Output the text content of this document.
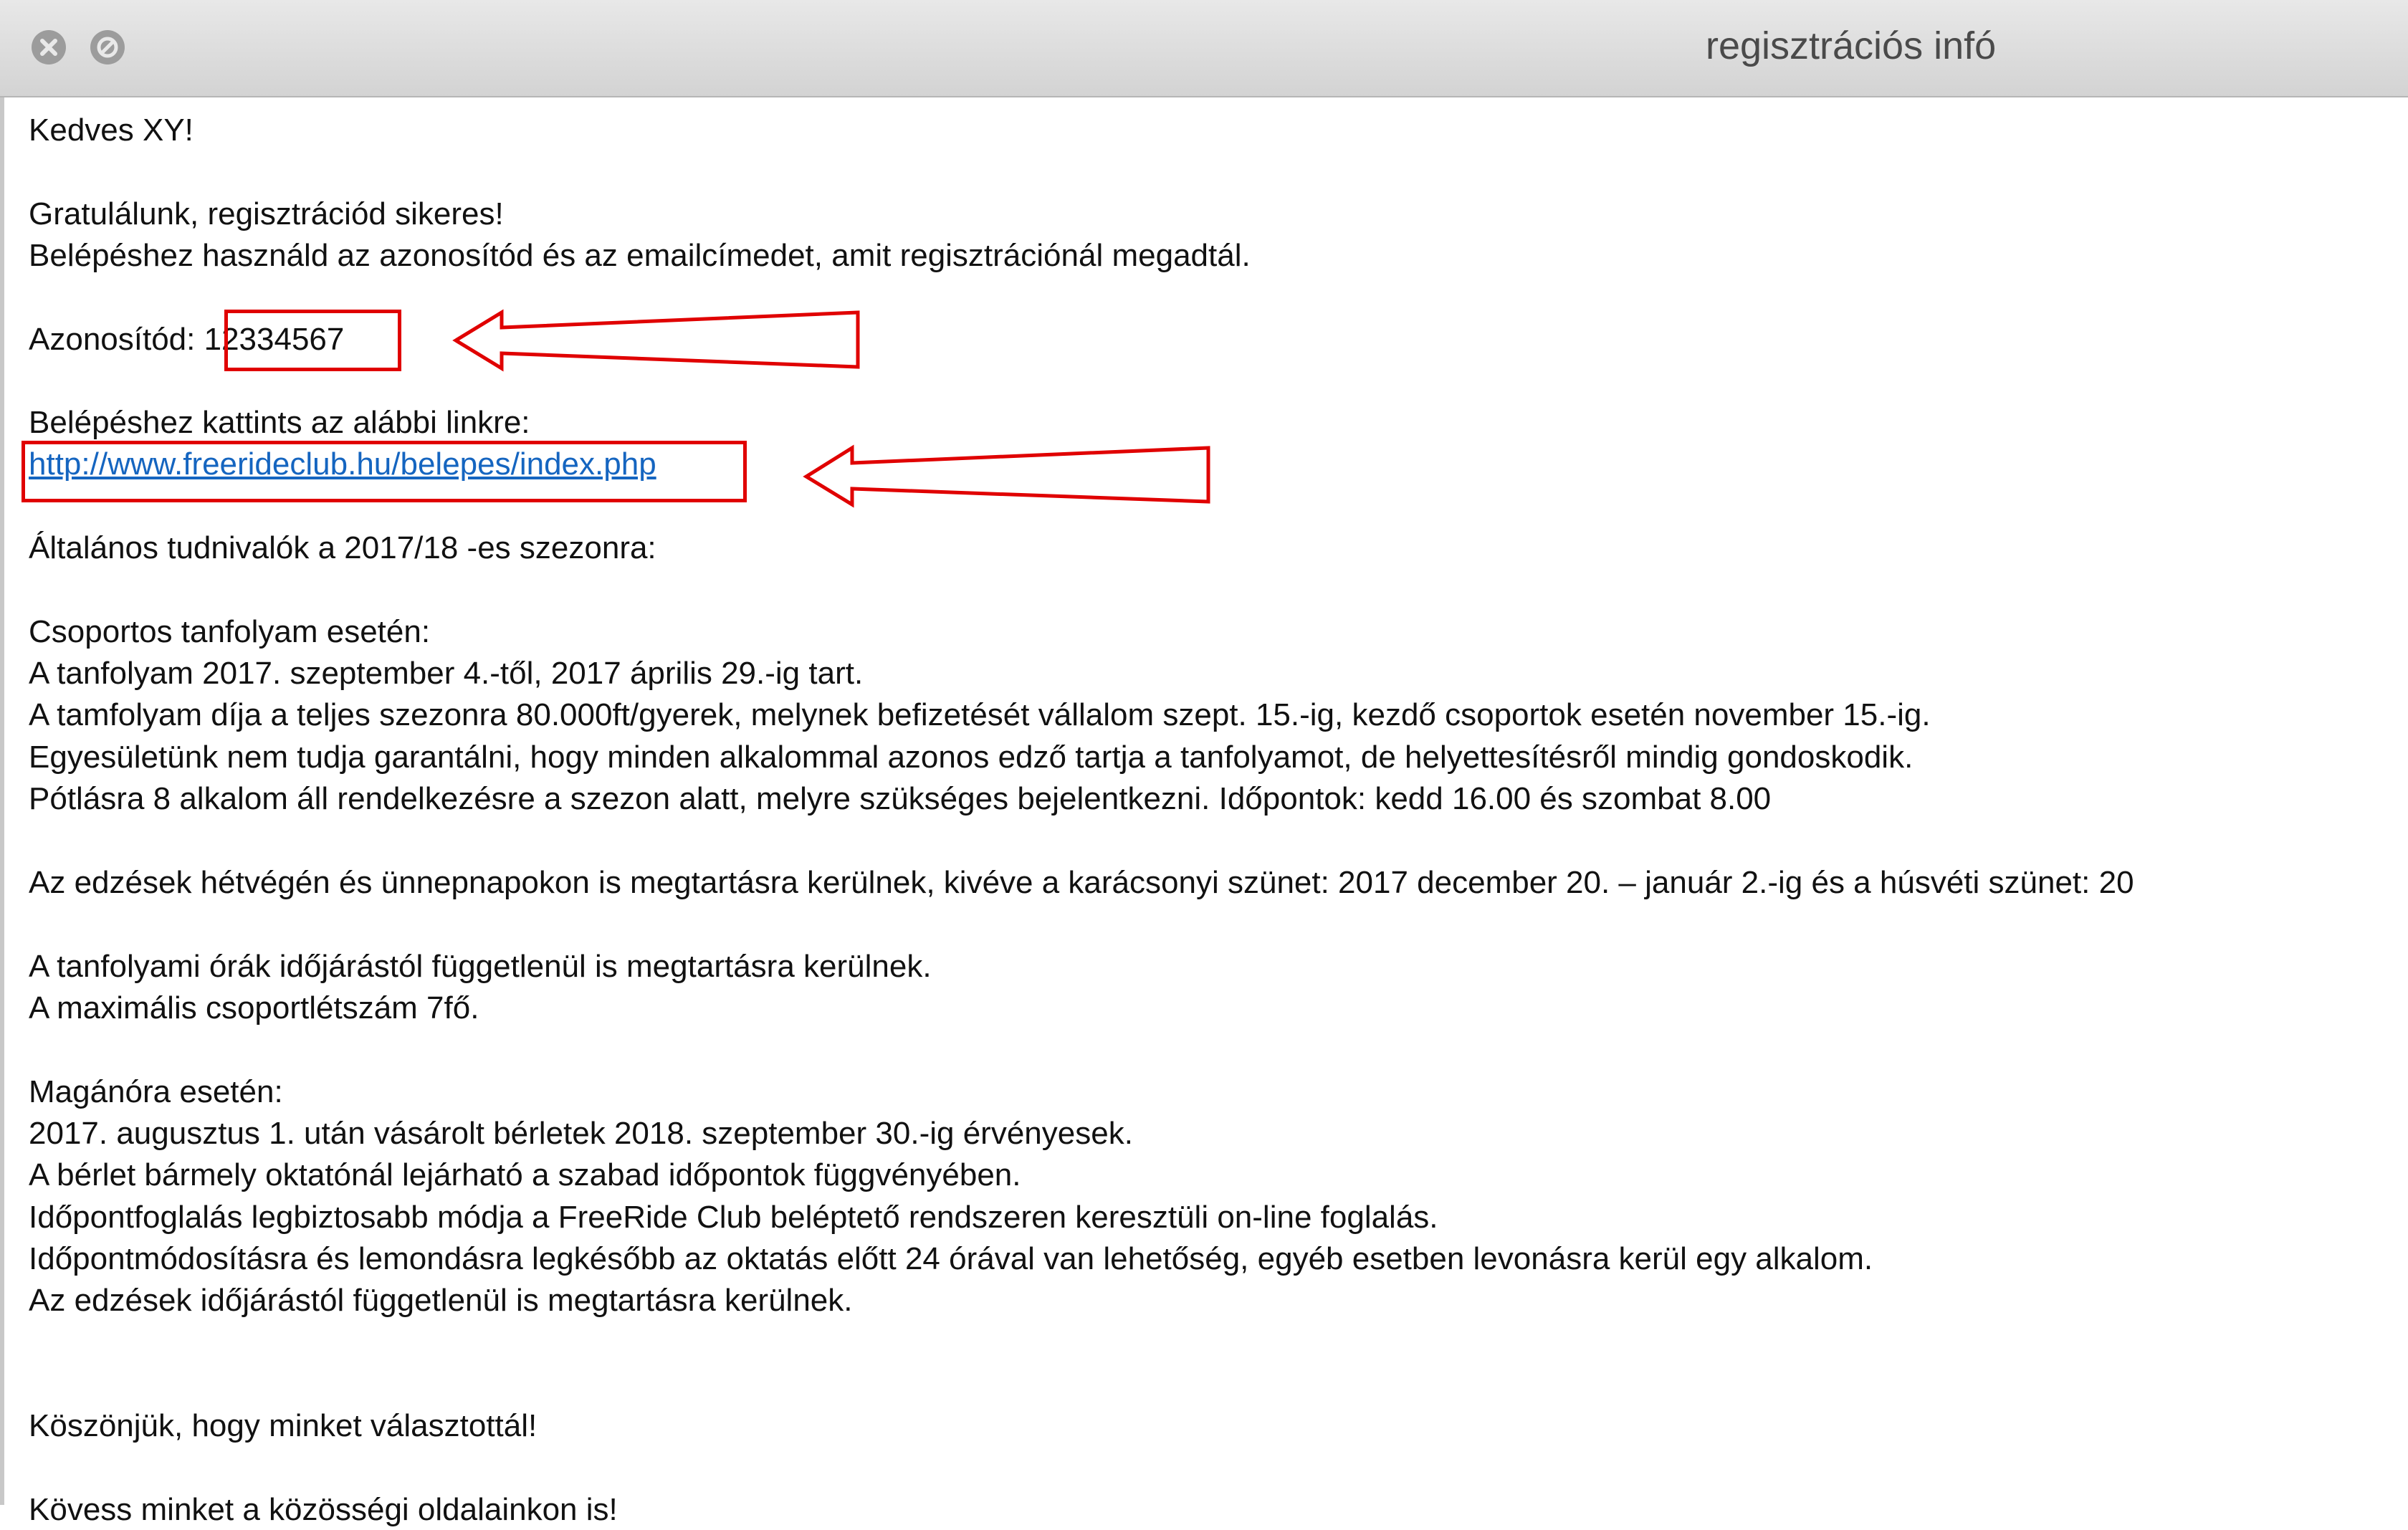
regisztrációs infó
Kedves XY!
Gratulálunk, regisztrációd sikeres!
Belépéshez használd az azonosítód és az emailcímedet, amit regisztrációnál megadtál.
Azonosítód: 12334567
Belépéshez kattints az alábbi linkre:
http://www.freerideclub.hu/belepes/index.php
Általános tudnivalók a 2017/18 -es szezonra:
Csoportos tanfolyam esetén:
A tanfolyam 2017. szeptember 4.-től, 2017 április 29.-ig tart.
A tamfolyam díja a teljes szezonra 80.000ft/gyerek, melynek befizetését vállalom szept. 15.-ig, kezdő csoportok esetén november 15.-ig.
Egyesületünk nem tudja garantálni, hogy minden alkalommal azonos edző tartja a tanfolyamot, de helyettesítésről mindig gondoskodik.
Pótlásra 8 alkalom áll rendelkezésre a szezon alatt, melyre szükséges bejelentkezni. Időpontok: kedd 16.00 és szombat 8.00
Az edzések hétvégén és ünnepnapokon is megtartásra kerülnek, kivéve a karácsonyi szünet: 2017 december 20. – január 2.-ig és a húsvéti szünet: 20
A tanfolyami órák időjárástól függetlenül is megtartásra kerülnek.
A maximális csoportlétszám 7fő.
Magánóra esetén:
2017. augusztus 1. után vásárolt bérletek 2018. szeptember 30.-ig érvényesek.
A bérlet bármely oktatónál lejárható a szabad időpontok függvényében.
Időpontfoglalás legbiztosabb módja a FreeRide Club beléptető rendszeren keresztüli on-line foglalás.
Időpontmódosításra és lemondásra legkésőbb az oktatás előtt 24 órával van lehetőség, egyéb esetben levonásra kerül egy alkalom.
Az edzések időjárástól függetlenül is megtartásra kerülnek.
Köszönjük, hogy minket választottál!
Kövess minket a közösségi oldalainkon is!
